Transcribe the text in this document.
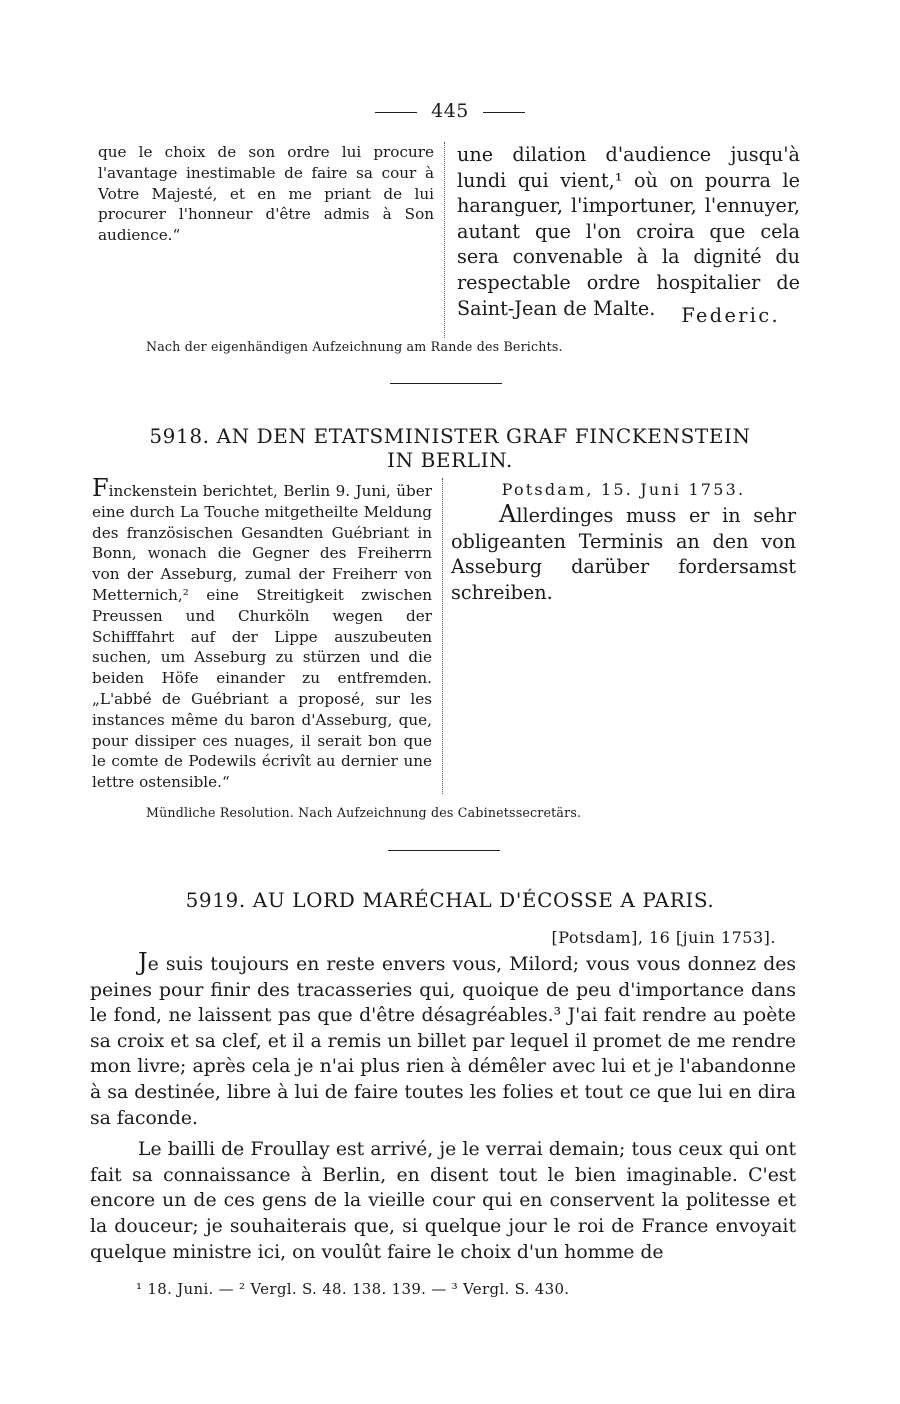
445
que le choix de son ordre lui procure l'avantage inestimable de faire sa cour à Votre Majesté, et en me priant de lui procurer l'honneur d'être admis à Son audience.“
une dilation d'audience jusqu'à lundi qui vient,¹ où on pourra le haranguer, l'importuner, l'ennuyer, autant que l'on croira que cela sera convenable à la dignité du respectable ordre hospitalier de Saint-Jean de Malte.	Federic.
Nach der eigenhändigen Aufzeichnung am Rande des Berichts.
5918. AN DEN ETATSMINISTER GRAF FINCKENSTEIN
IN BERLIN.
Finckenstein berichtet, Berlin 9. Juni, über eine durch La Touche mitgetheilte Meldung des französischen Gesandten Guébriant in Bonn, wonach die Gegner des Freiherrn von der Asseburg, zumal der Freiherr von Metternich,² eine Streitigkeit zwischen Preussen und Churköln wegen der Schifffahrt auf der Lippe auszubeuten suchen, um Asseburg zu stürzen und die beiden Höfe einander zu entfremden. „L'abbé de Guébriant a proposé, sur les instances même du baron d'Asseburg, que, pour dissiper ces nuages, il serait bon que le comte de Podewils écrivît au dernier une lettre ostensible.“
Potsdam, 15. Juni 1753.
Allerdinges muss er in sehr obligeanten Terminis an den von Asseburg darüber fordersamst schreiben.
Mündliche Resolution. Nach Aufzeichnung des Cabinetssecretärs.
5919. AU LORD MARÉCHAL D'ÉCOSSE A PARIS.
[Potsdam], 16 [juin 1753].

Je suis toujours en reste envers vous, Milord; vous vous donnez des peines pour finir des tracasseries qui, quoique de peu d'importance dans le fond, ne laissent pas que d'être désagréables.³ J'ai fait rendre au poète sa croix et sa clef, et il a remis un billet par lequel il promet de me rendre mon livre; après cela je n'ai plus rien à démêler avec lui et je l'abandonne à sa destinée, libre à lui de faire toutes les folies et tout ce que lui en dira sa faconde.

Le bailli de Froullay est arrivé, je le verrai demain; tous ceux qui ont fait sa connaissance à Berlin, en disent tout le bien imaginable. C'est encore un de ces gens de la vieille cour qui en conservent la politesse et la douceur; je souhaiterais que, si quelque jour le roi de France envoyait quelque ministre ici, on voulût faire le choix d'un homme de

¹ 18. Juni. — ² Vergl. S. 48. 138. 139. — ³ Vergl. S. 430.
